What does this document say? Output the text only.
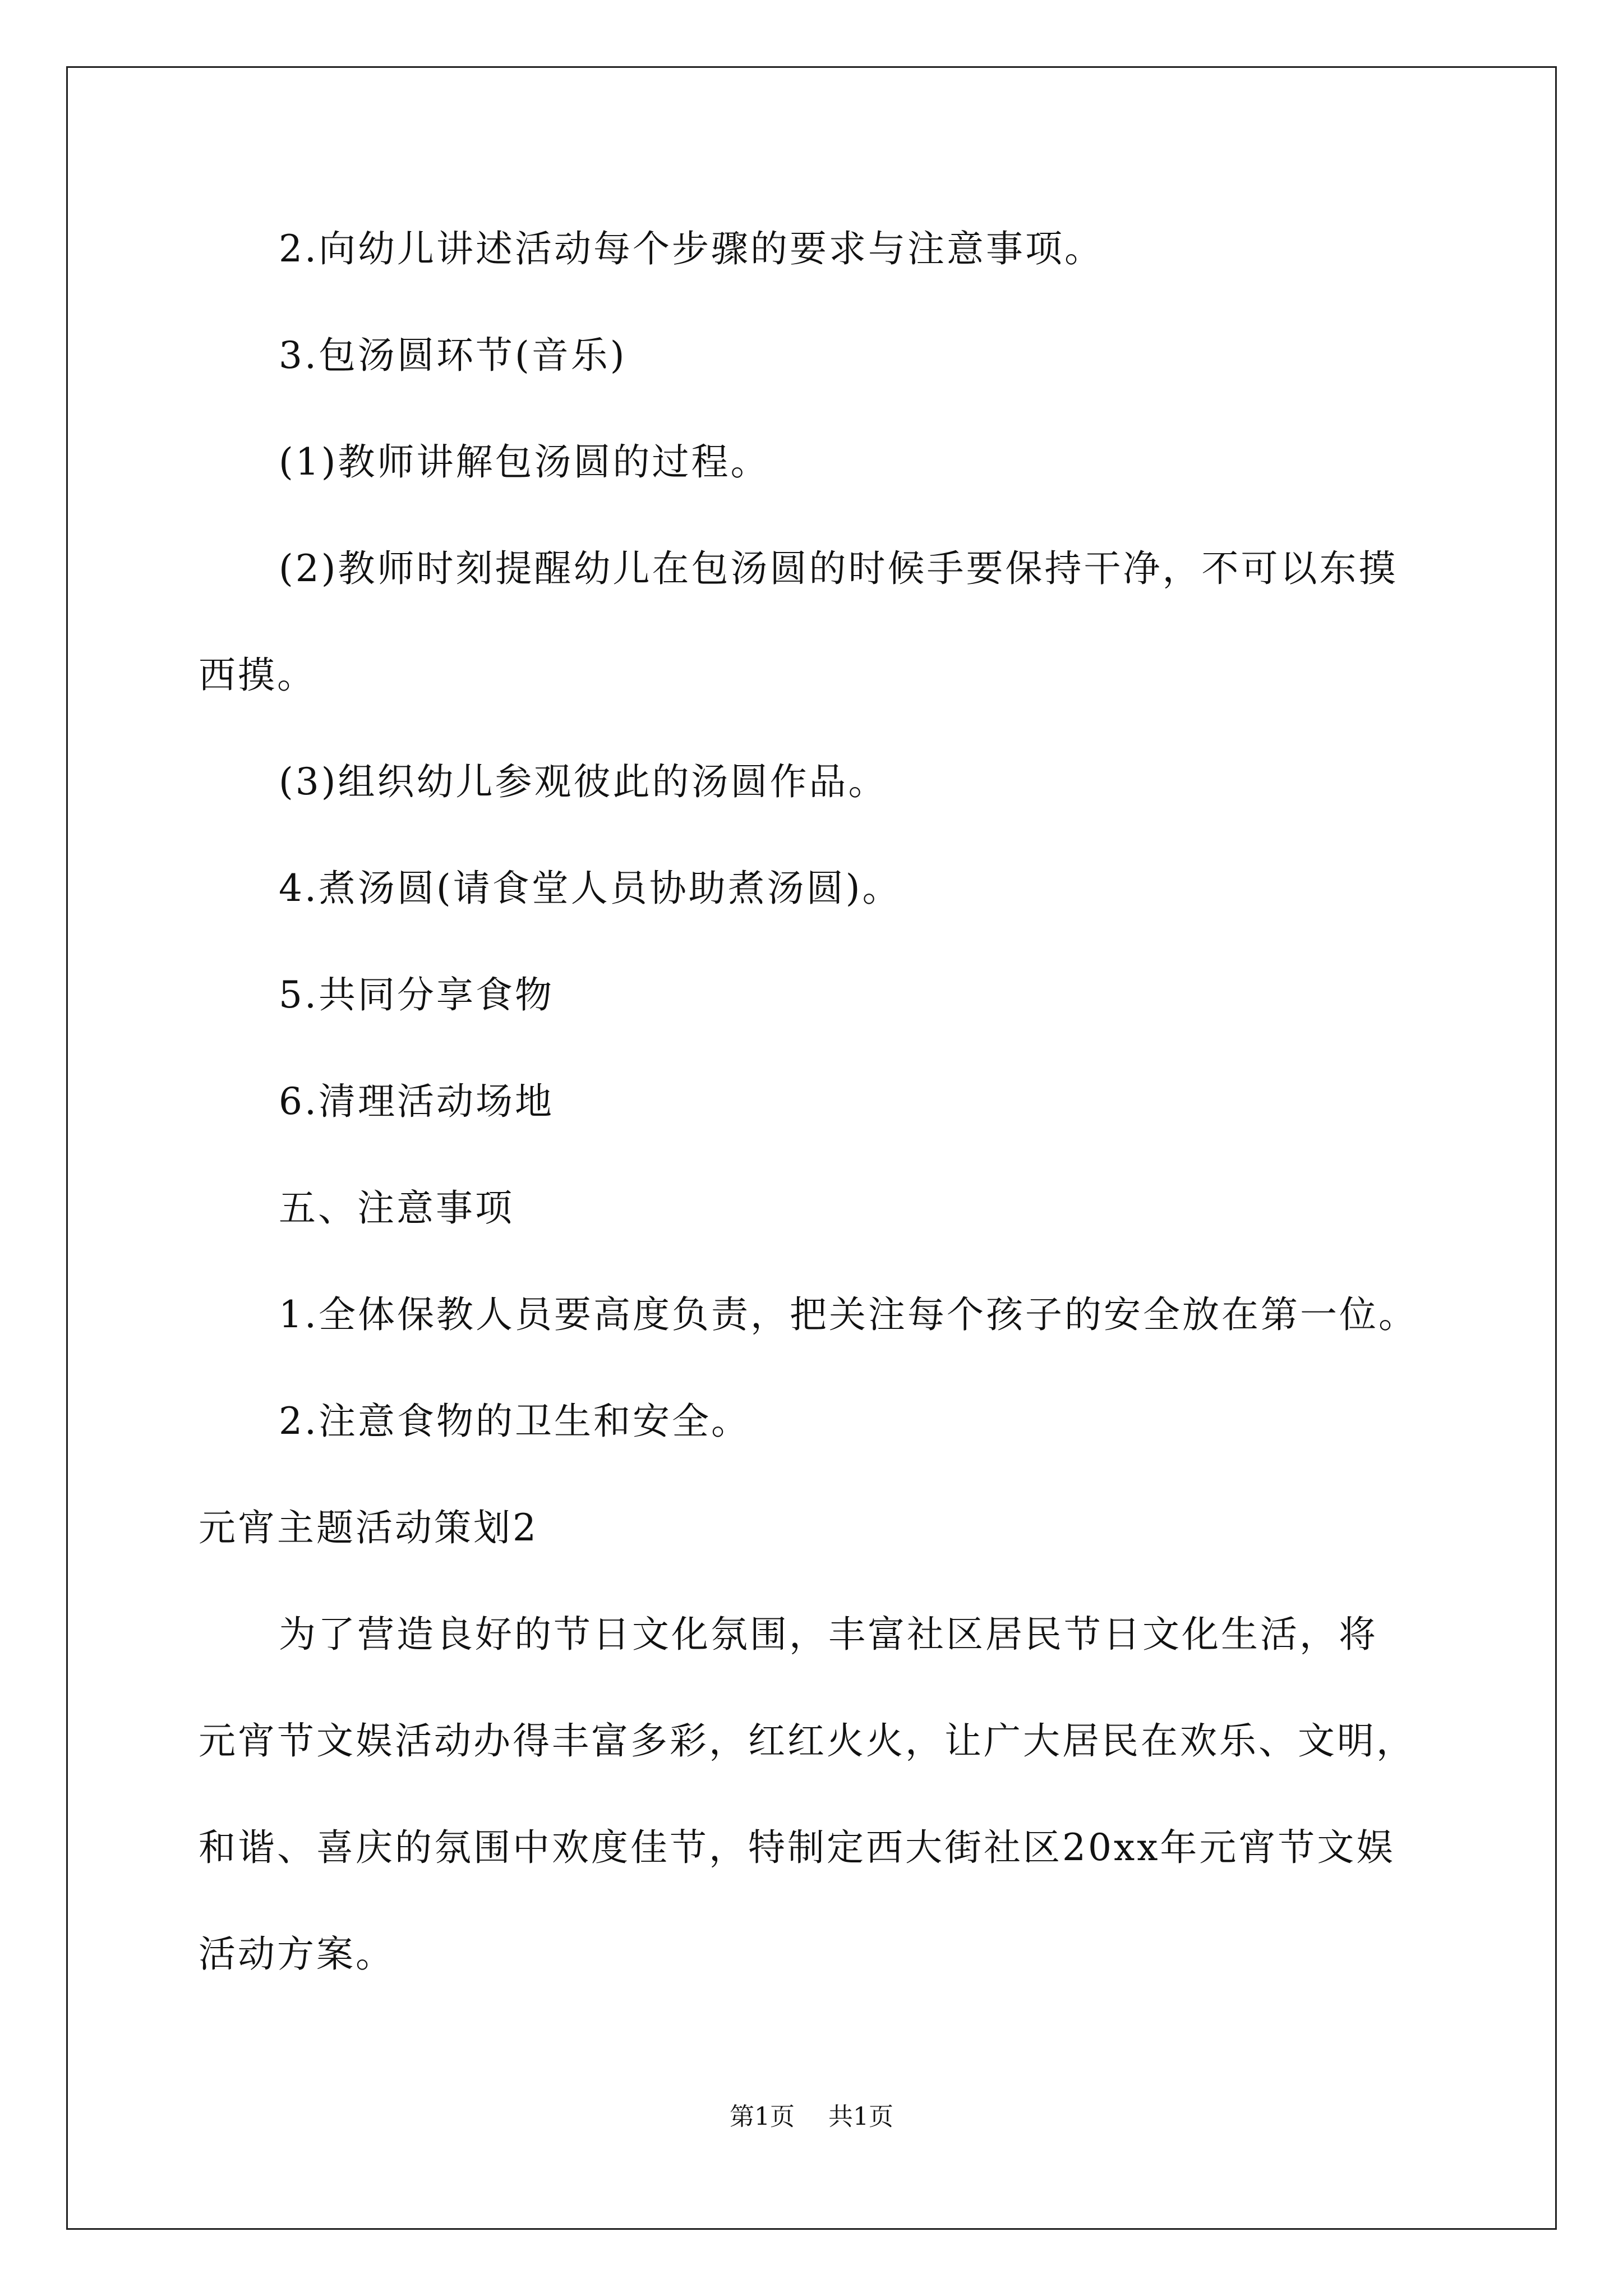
2.向幼儿讲述活动每个步骤的要求与注意事项。
3.包汤圆环节(音乐)
(1)教师讲解包汤圆的过程。
(2)教师时刻提醒幼儿在包汤圆的时候手要保持干净，不可以东摸
西摸。
(3)组织幼儿参观彼此的汤圆作品。
4.煮汤圆(请食堂人员协助煮汤圆)。
5.共同分享食物
6.清理活动场地
五、注意事项
1.全体保教人员要高度负责，把关注每个孩子的安全放在第一位。
2.注意食物的卫生和安全。
元宵主题活动策划2
为了营造良好的节日文化氛围，丰富社区居民节日文化生活，将
元宵节文娱活动办得丰富多彩，红红火火，让广大居民在欢乐、文明，
和谐、喜庆的氛围中欢度佳节，特制定西大街社区20xx年元宵节文娱
活动方案。
第1页 共1页
